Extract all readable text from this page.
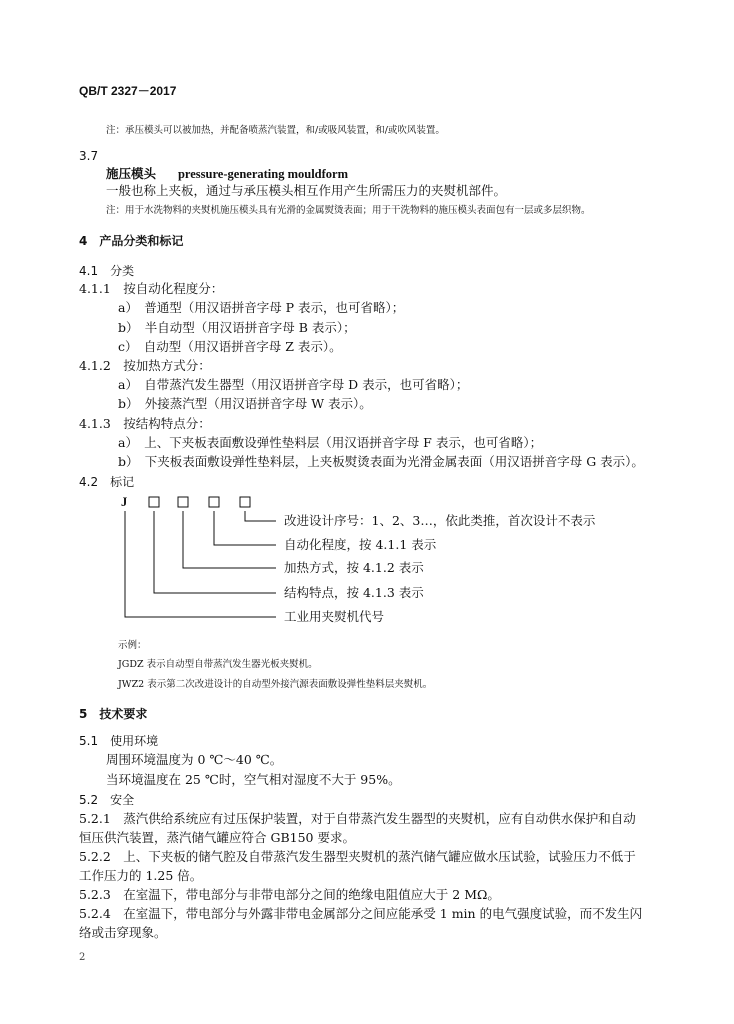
QB/T 2327－2017
注：承压模头可以被加热，并配备喷蒸汽装置，和/或吸风装置，和/或吹风装置。
3.7
施压模头 pressure-generating mouldform
一般也称上夹板，通过与承压模头相互作用产生所需压力的夹熨机部件。
注：用于水洗物料的夹熨机施压模头具有光滑的金属熨烫表面；用于干洗物料的施压模头表面包有一层或多层织物。
4　产品分类和标记
4.1　分类
4.1.1　按自动化程度分：
a）　普通型（用汉语拼音字母 P 表示，也可省略）；
b）　半自动型（用汉语拼音字母 B 表示）；
c）　自动型（用汉语拼音字母 Z 表示）。
4.1.2　按加热方式分：
a）　自带蒸汽发生器型（用汉语拼音字母 D 表示，也可省略）；
b）　外接蒸汽型（用汉语拼音字母 W 表示）。
4.1.3　按结构特点分：
a）　上、下夹板表面敷设弹性垫料层（用汉语拼音字母 F 表示，也可省略）；
b）　下夹板表面敷设弹性垫料层，上夹板熨烫表面为光滑金属表面（用汉语拼音字母 G 表示）。
4.2　标记
J
改进设计序号：1、2、3…，依此类推，首次设计不表示
自动化程度，按 4.1.1 表示
加热方式，按 4.1.2 表示
结构特点，按 4.1.3 表示
工业用夹熨机代号
示例：
JGDZ 表示自动型自带蒸汽发生器光板夹熨机。
JWZ2 表示第二次改进设计的自动型外接汽源表面敷设弹性垫料层夹熨机。
5　技术要求
5.1　使用环境
周围环境温度为 0 ℃～40 ℃。
当环境温度在 25 ℃时，空气相对湿度不大于 95%。
5.2　安全
5.2.1　蒸汽供给系统应有过压保护装置，对于自带蒸汽发生器型的夹熨机，应有自动供水保护和自动
恒压供汽装置，蒸汽储气罐应符合 GB150 要求。
5.2.2　上、下夹板的储气腔及自带蒸汽发生器型夹熨机的蒸汽储气罐应做水压试验，试验压力不低于
工作压力的 1.25 倍。
5.2.3　在室温下，带电部分与非带电部分之间的绝缘电阻值应大于 2 MΩ。
5.2.4　在室温下，带电部分与外露非带电金属部分之间应能承受 1 min 的电气强度试验，而不发生闪
络或击穿现象。
2
